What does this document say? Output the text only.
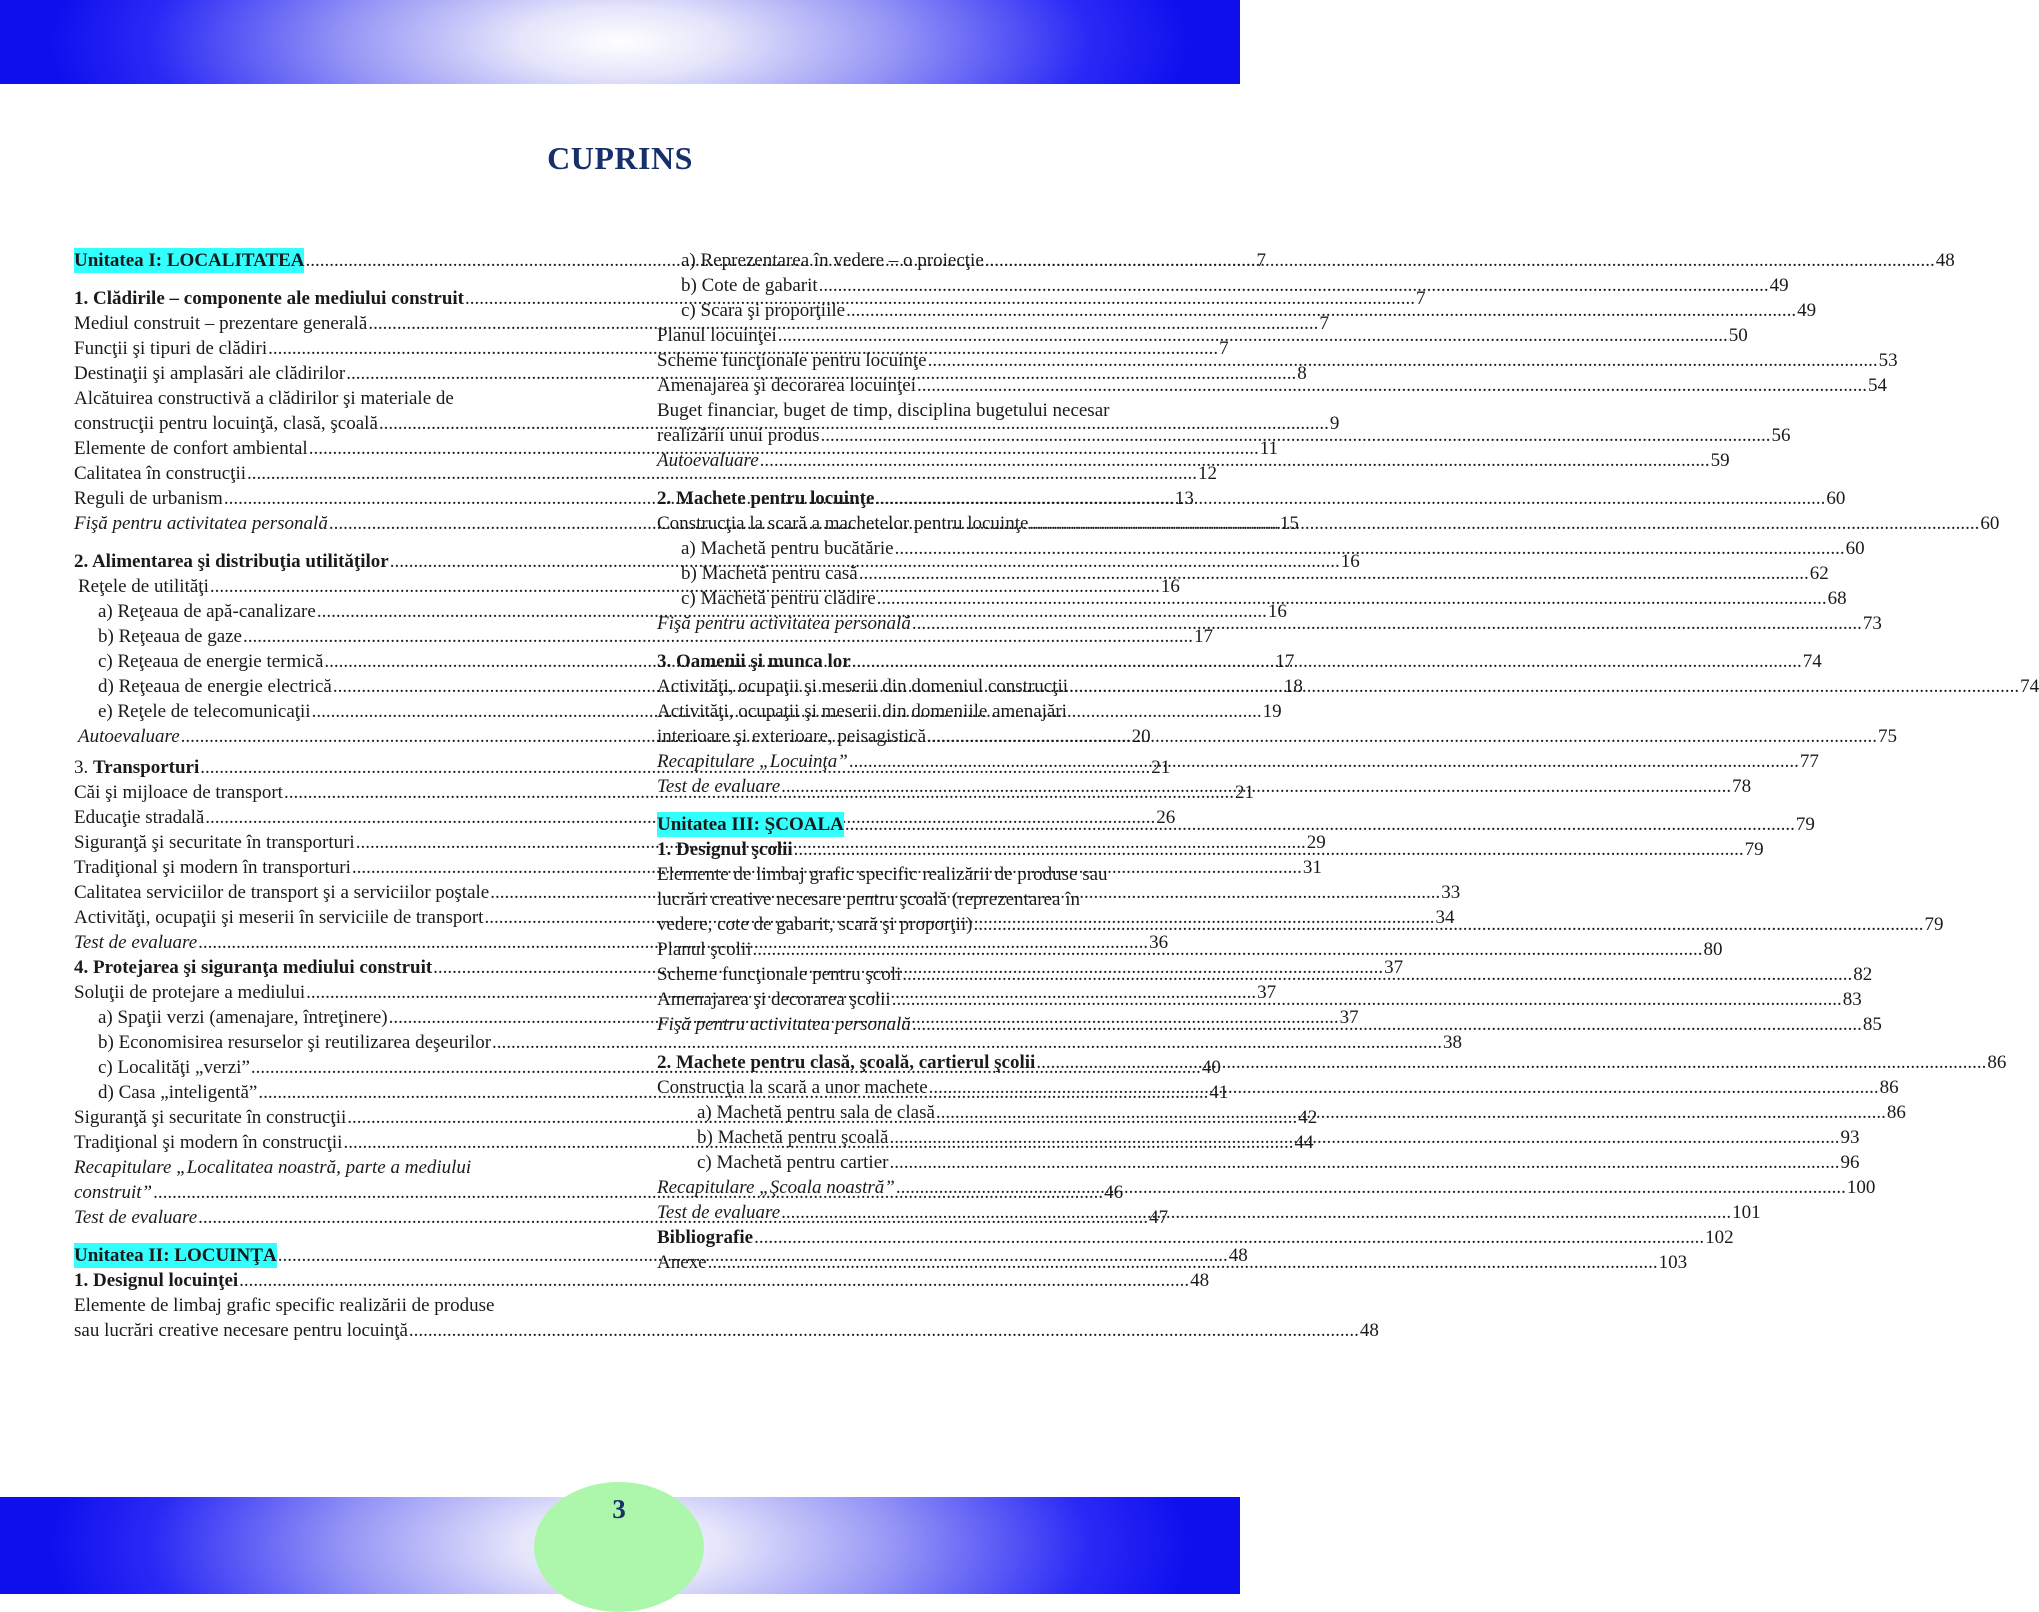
CUPRINS
Unitatea I: LOCALITATEA .....	7
1. Clădirile – componente ale mediului construit .....	7
Mediul construit – prezentare generală .....	7
Funcţii şi tipuri de clădiri .....	7
Destinaţii şi amplasări ale clădirilor .....	8
Alcătuirea constructivă a clădirilor şi materiale de
construcţii pentru locuinţă, clasă, şcoală .....	9
Elemente de confort ambiental .....	11
Calitatea în construcţii .....	12
Reguli de urbanism .....	13
Fişă pentru activitatea personală .....	15
2. Alimentarea şi distribuţia utilităţilor .....	16
Reţele de utilităţi .....	16
a) Reţeaua de apă-canalizare .....	16
b) Reţeaua de gaze .....	17
c) Reţeaua de energie termică .....	17
d) Reţeaua de energie electrică .....	18
e) Reţele de telecomunicaţii .....	19
Autoevaluare .....	20
3. Transporturi .....	21
Căi şi mijloace de transport .....	21
Educaţie stradală .....	26
Siguranţă şi securitate în transporturi .....	29
Tradiţional şi modern în transporturi .....	31
Calitatea serviciilor de transport şi a serviciilor poştale .....	33
Activităţi, ocupaţii şi meserii în serviciile de transport .....	34
Test de evaluare .....	36
4. Protejarea şi siguranţa mediului construit .....	37
Soluţii de protejare a mediului .....	37
a) Spaţii verzi (amenajare, întreţinere) .....	37
b) Economisirea resurselor şi reutilizarea deşeurilor .....	38
c) Localităţi „verzi” .....	40
d) Casa „inteligentă” .....	41
Siguranţă şi securitate în construcţii .....	42
Tradiţional şi modern în construcţii .....	44
Recapitulare „Localitatea noastră, parte a mediului
construit” .....	46
Test de evaluare .....	47
Unitatea II: LOCUINŢA .....	48
1. Designul locuinţei .....	48
Elemente de limbaj grafic specific realizării de produse
sau lucrări creative necesare pentru locuinţă .....	48
a) Reprezentarea în vedere – o proiecţie .....	48
b) Cote de gabarit .....	49
c) Scara şi proporţiile .....	49
Planul locuinţei .....	50
Scheme funcţionale pentru locuinţe .....	53
Amenajarea şi decorarea locuinţei .....	54
Buget financiar, buget de timp, disciplina bugetului necesar
realizării unui produs .....	56
Autoevaluare .....	59
2. Machete pentru locuinţe .....	60
Construcţia la scară a machetelor pentru locuinţe .....	60
a) Machetă pentru bucătărie .....	60
b) Machetă pentru casă .....	62
c) Machetă pentru clădire .....	68
Fişă pentru activitatea personală .....	73
3. Oamenii şi munca lor .....	74
Activităţi, ocupaţii şi meserii din domeniul construcţii .....	74
Activităţi, ocupaţii şi meserii din domeniile amenajări
interioare şi exterioare, peisagistică .....	75
Recapitulare „Locuinţa” .....	77
Test de evaluare .....	78
Unitatea III: ŞCOALA .....	79
1. Designul şcolii .....	79
Elemente de limbaj grafic specific realizării de produse sau
lucrări creative necesare pentru şcoală (reprezentarea în
vedere, cote de gabarit, scară şi proporţii) .....	79
Planul şcolii .....	80
Scheme funcţionale pentru şcoli .....	82
Amenajarea şi decorarea şcolii .....	83
Fişă pentru activitatea personală .....	85
2. Machete pentru clasă, şcoală, cartierul şcolii .....	86
Construcţia la scară a unor machete .....	86
a) Machetă pentru sala de clasă .....	86
b) Machetă pentru şcoală .....	93
c) Machetă pentru cartier .....	96
Recapitulare „Şcoala noastră” .....	100
Test de evaluare .....	101
Bibliografie .....	102
Anexe .....	103
3
